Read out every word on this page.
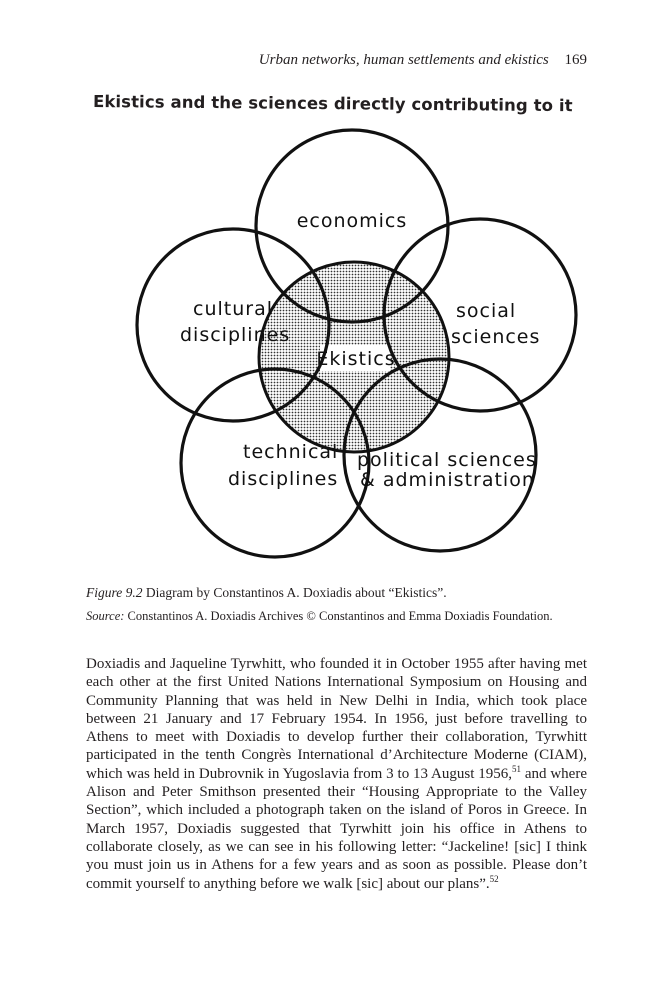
Urban networks, human settlements and ekistics 169
Ekistics and the sciences directly contributing to it
economics
cultural
disciplines
social
sciences
Ekistics
technical
disciplines
political sciences
& administration
Figure 9.2 Diagram by Constantinos A. Doxiadis about “Ekistics”.
Source: Constantinos A. Doxiadis Archives © Constantinos and Emma Doxiadis Foundation.
Doxiadis and Jaqueline Tyrwhitt, who founded it in October 1955 after having met each other at the first United Nations International Symposium on Housing and Community Planning that was held in New Delhi in India, which took place between 21 January and 17 February 1954. In 1956, just before travelling to Athens to meet with Doxiadis to develop further their collaboration, Tyrwhitt participated in the tenth Congrès International d’Architecture Moderne (CIAM), which was held in Dubrovnik in Yugoslavia from 3 to 13 August 1956,51 and where Alison and Peter Smithson presented their “Housing Appropriate to the Valley Section”, which included a photograph taken on the island of Poros in Greece. In March 1957, Doxiadis suggested that Tyrwhitt join his office in Athens to collaborate closely, as we can see in his following letter: “Jackeline! [sic] I think you must join us in Athens for a few years and as soon as possible. Please don’t commit yourself to anything before we walk [sic] about our plans”.$^{52}$
